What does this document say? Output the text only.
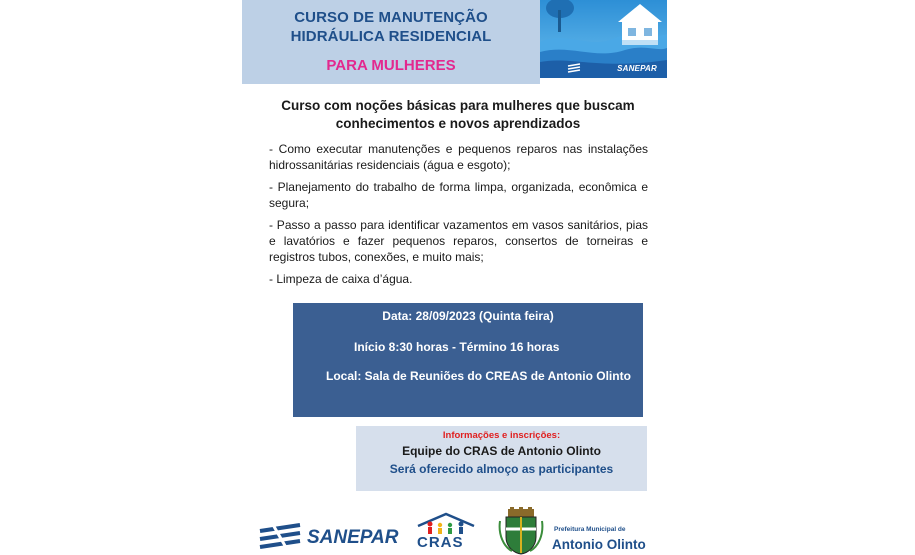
CURSO DE MANUTENÇÃO
HIDRÁULICA RESIDENCIAL
PARA MULHERES	SANEPAR
Curso com noções básicas para mulheres que buscam
conhecimentos e novos aprendizados

- Como executar manutenções e pequenos reparos nas instalações hidrossanitárias residenciais (água e esgoto);

- Planejamento do trabalho de forma limpa, organizada, econômica e segura;

- Passo a passo para identificar vazamentos em vasos sanitários, pias e lavatórios e fazer pequenos reparos, consertos de torneiras e registros tubos, conexões, e muito mais;

- Limpeza de caixa d’água.

Data: 28/09/2023 (Quinta feira)
Início 8:30 horas - Término 16 horas
Local: Sala de Reuniões do CREAS de Antonio Olinto
Informações e inscrições:
Equipe do CRAS de Antonio Olinto
Será oferecido almoço as participantes
SANEPAR CRAS
Prefeitura Municipal de
Antonio Olinto
